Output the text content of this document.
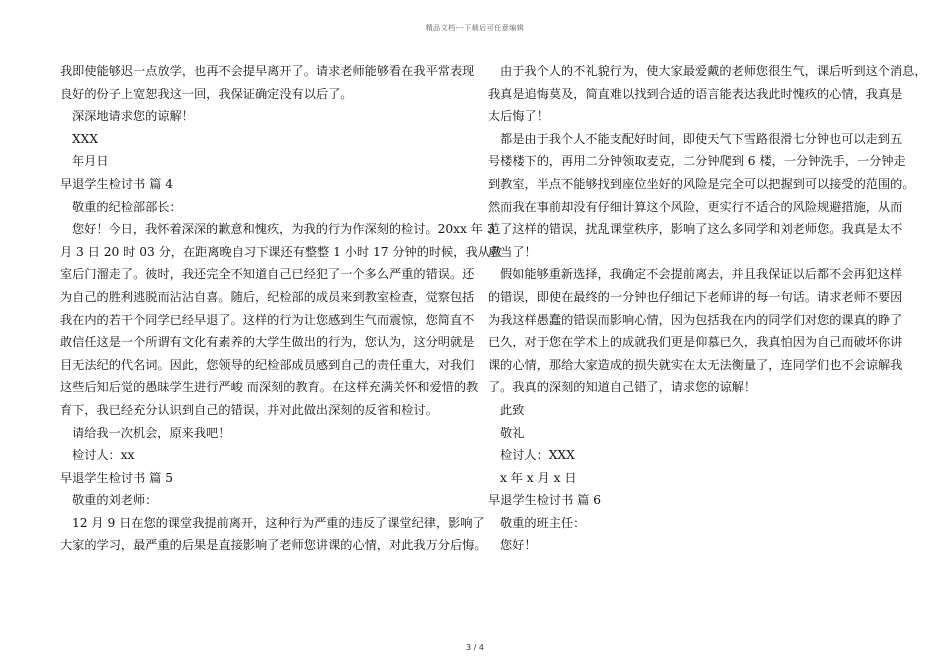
精品文档---下载后可任意编辑

我即使能够迟一点放学，也再不会提早离开了。请求老师能够看在我平常表现

良好的份子上宽恕我这一回，我保证确定没有以后了。

深深地请求您的谅解！

XXX

年月日

早退学生检讨书 篇 4

敬重的纪检部部长：

您好！今日，我怀着深深的歉意和愧疚，为我的行为作深刻的检讨。20xx 年 3

月 3 日 20 时 03 分，在距离晚自习下课还有整整 1 小时 17 分钟的时候，我从教

室后门溜走了。彼时，我还完全不知道自己已经犯了一个多么严重的错误。还

为自己的胜利逃脱而沾沾自喜。随后，纪检部的成员来到教室检查，觉察包括

我在内的若干个同学已经早退了。这样的行为让您感到生气而震惊，您简直不

敢信任这是一个所谓有文化有素养的大学生做出的行为，您认为，这分明就是

目无法纪的代名词。因此，您领导的纪检部成员感到自己的责任重大，对我们

这些后知后觉的愚昧学生进行严峻 而深刻的教育。在这样充满关怀和爱惜的教

育下，我已经充分认识到自己的错误，并对此做出深刻的反省和检讨。

请给我一次机会，原来我吧！

检讨人：xx

早退学生检讨书 篇 5

敬重的刘老师：

12 月 9 日在您的课堂我提前离开，这种行为严重的违反了课堂纪律，影响了

大家的学习，最严重的后果是直接影响了老师您讲课的心情，对此我万分后悔。

由于我个人的不礼貌行为，使大家最爱戴的老师您很生气，课后听到这个消息，

我真是追悔莫及，简直难以找到合适的语言能表达我此时愧疚的心情，我真是

太后悔了！

都是由于我个人不能支配好时间，即使天气下雪路很滑七分钟也可以走到五

号楼楼下的，再用二分钟领取麦克，二分钟爬到 6 楼，一分钟洗手，一分钟走

到教室，半点不能够找到座位坐好的风险是完全可以把握到可以接受的范围的。

然而我在事前却没有仔细计算这个风险，更实行不适合的风险规避措施，从而

范了这样的错误，扰乱课堂秩序，影响了这么多同学和刘老师您。我真是太不

应当了！

假如能够重新选择，我确定不会提前离去，并且我保证以后都不会再犯这样

的错误，即使在最终的一分钟也仔细记下老师讲的每一句话。请求老师不要因

为我这样愚蠢的错误而影响心情，因为包括我在内的同学们对您的课真的睁了

已久，对于您在学术上的成就我们更是仰慕已久，我真怕因为自己而破坏你讲

课的心情，那给大家造成的损失就实在太无法衡量了，连同学们也不会谅解我

了。我真的深刻的知道自己错了，请求您的谅解！

此致

敬礼

检讨人：XXX

x 年 x 月 x 日

早退学生检讨书 篇 6

敬重的班主任：

您好！

3 / 4
